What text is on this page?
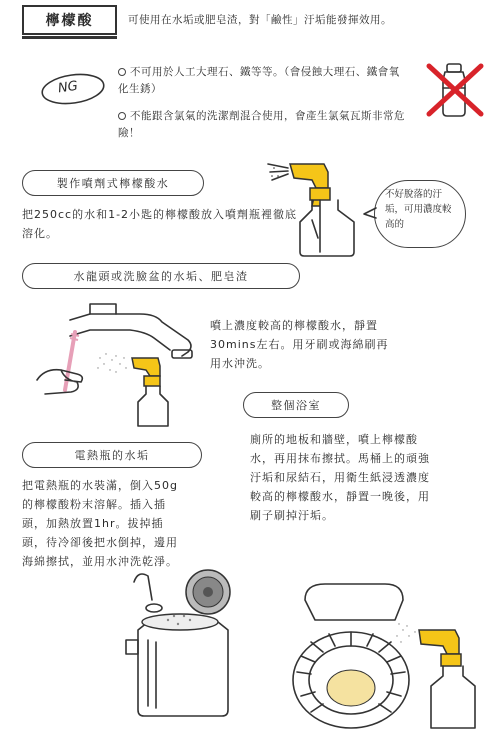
檸檬酸	可使用在水垢或肥皂渣，對「鹼性」汙垢能發揮效用。
NG
不可用於人工大理石、鐵等等。（會侵蝕大理石、鐵會氧化生銹）
不能跟含氯氣的洗潔劑混合使用，會產生氯氣瓦斯非常危險！
製作噴劑式檸檬酸水
把250cc的水和1-2小匙的檸檬酸放入噴劑瓶裡徹底溶化。
不好脫落的汙垢，可用濃度較高的
水龍頭或洗臉盆的水垢、肥皂渣
噴上濃度較高的檸檬酸水，靜置30mins左右。用牙刷或海綿刷再用水沖洗。
整個浴室
廁所的地板和牆壁，噴上檸檬酸水，再用抹布擦拭。馬桶上的頑強汙垢和尿結石，用衛生紙浸透濃度較高的檸檬酸水，靜置一晚後，用刷子刷掉汙垢。
電熱瓶的水垢
把電熱瓶的水裝滿，倒入50g的檸檬酸粉末溶解。插入插頭，加熱放置1hr。拔掉插頭，待冷卻後把水倒掉，邊用海綿擦拭，並用水沖洗乾淨。
